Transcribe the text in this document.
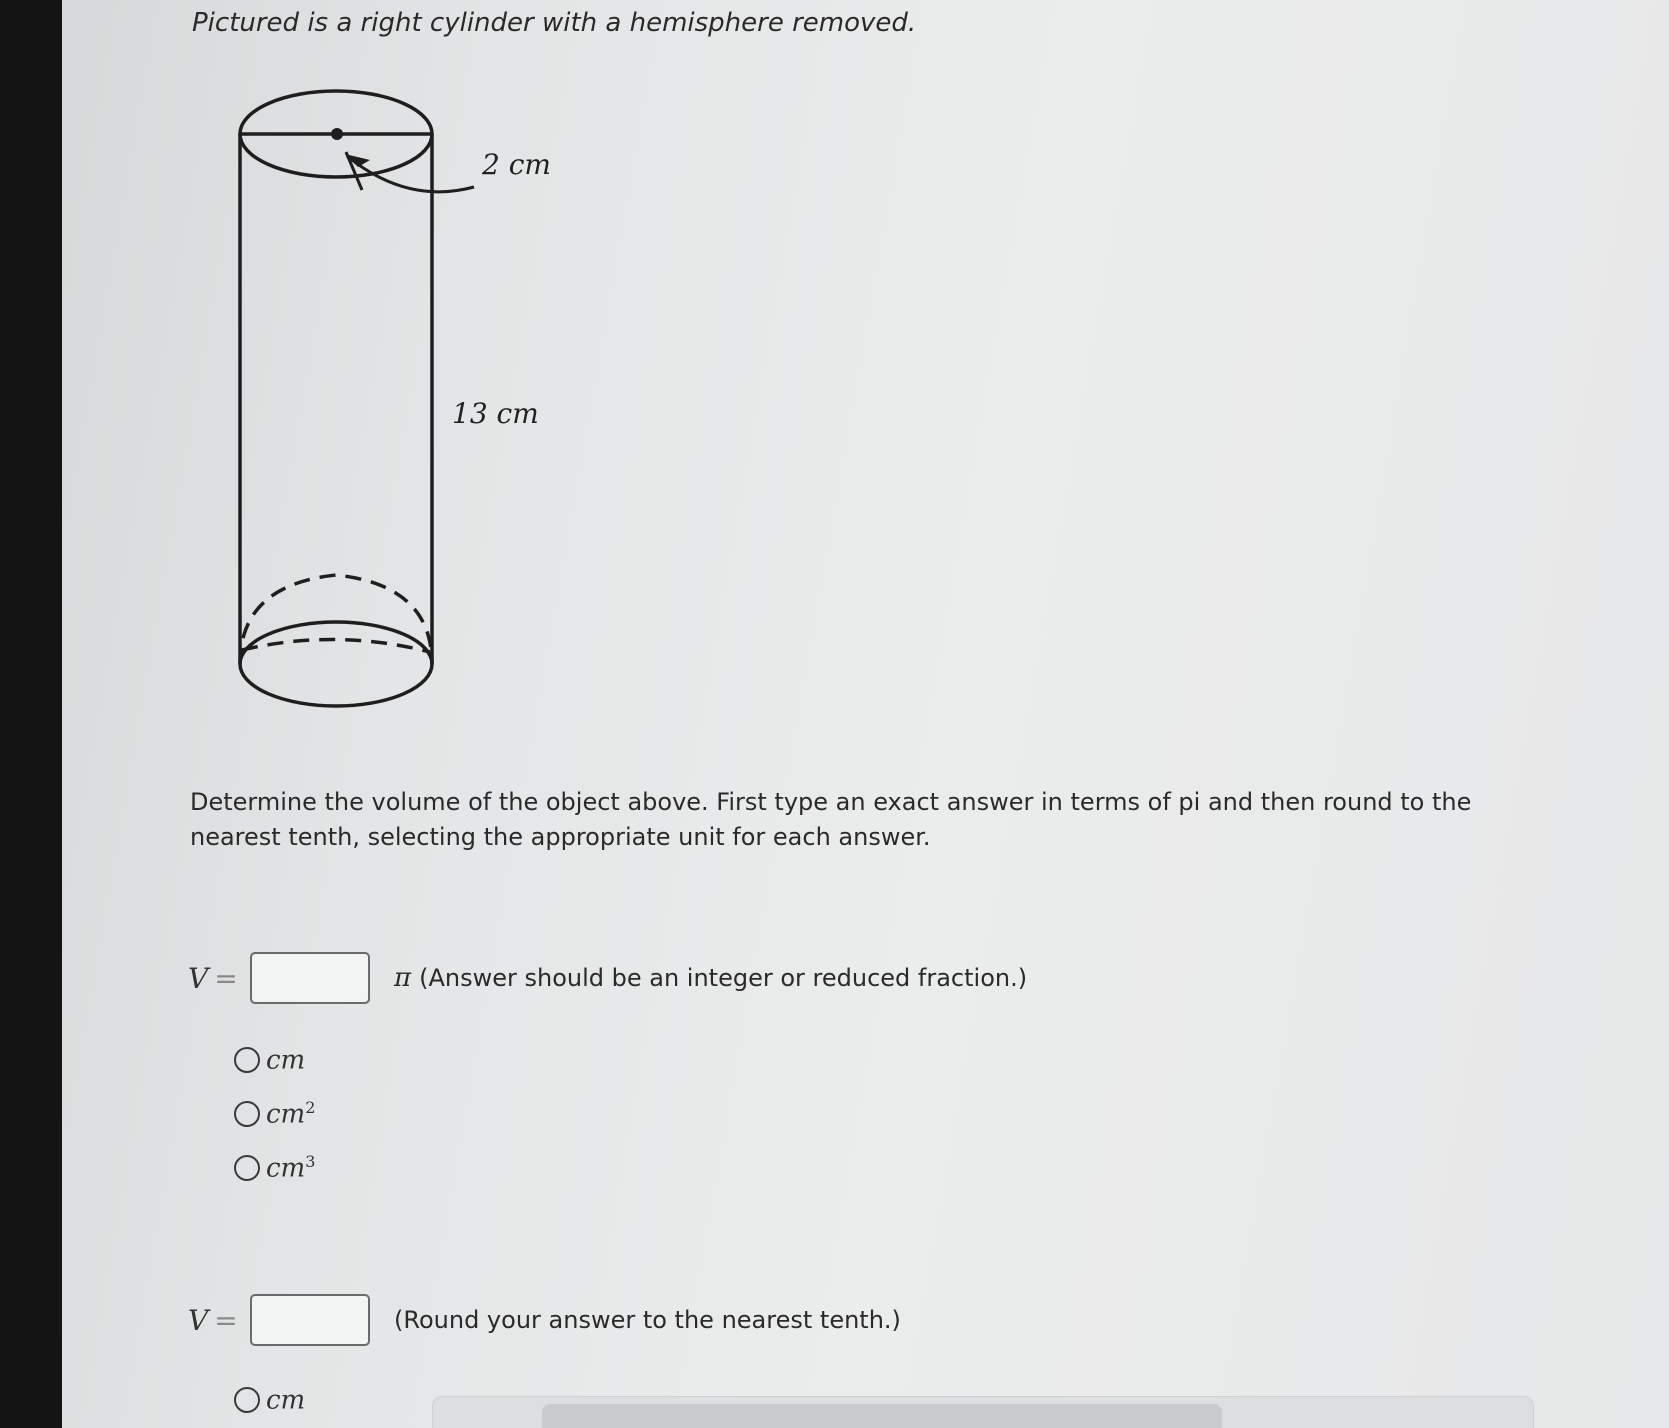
Pictured is a right cylinder with a hemisphere removed.
2 cm
13 cm

Determine the volume of the object above. First type an exact answer in terms of pi and then round to the nearest tenth, selecting the appropriate unit for each answer.

V =	π (Answer should be an integer or reduced fraction.)
cm
$cm^2$
$cm^3$
V =	(Round your answer to the nearest tenth.)
cm
